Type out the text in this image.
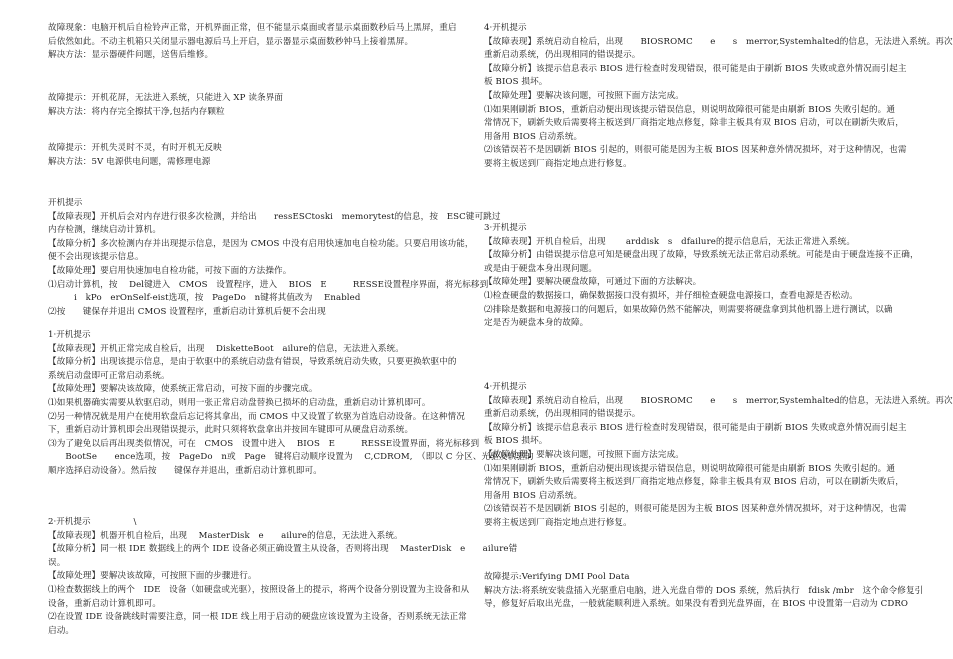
故障现象：电脑开机后自检铃声正常，开机界面正常，但不能显示桌面或者显示桌面数秒后马上黑屏，重启
后依然如此。不动主机箱只关闭显示器电源后马上开启，显示器显示桌面数秒钟马上接着黑屏。
解决方法：显示器硬件问题，送售后维修。
故障提示：开机花屏，无法进入系统，只能进入 XP 读条界面
解决方法：将内存完全擦拭干净,包括内存颗粒
故障提示：开机失灵时不灵，有时开机无反映
解决方法：5V 电源供电问题，需修理电源
开机提示
【故障表现】开机后会对内存进行很多次检测，并给出　　ressESCtoski　memorytest的信息，按　ESC键可跳过
内存检测，继续启动计算机。
【故障分析】多次检测内存并出现提示信息，是因为 CMOS 中没有启用快速加电自检功能。只要启用该功能，
便不会出现该提示信息。
【故障处理】要启用快速加电自检功能，可按下面的方法操作。
⑴启动计算机，按　 Del键进入　CMOS　设置程序，进入　 BIOS　E　　　RESSE设置程序界面，将光标移到
　　　i　kPo　erOnSelf-eist选项，按　PageDo　n键将其值改为　 Enabled
⑵按　　键保存并退出 CMOS 设置程序，重新启动计算机后便不会出现
1·开机提示
【故障表现】开机正常完成自检后，出现　 DisketteBoot　ailure的信息，无法进入系统。
【故障分析】出现该提示信息，是由于软驱中的系统启动盘有错误，导致系统启动失败，只要更换软驱中的
系统启动盘即可正常启动系统。
【故障处理】要解决该故障，使系统正常启动，可按下面的步骤完成。
⑴如果机器确实需要从软驱启动，则用一张正常启动盘替换已损坏的启动盘，重新启动计算机即可。
⑵另一种情况就是用户在使用软盘后忘记将其拿出，而 CMOS 中又设置了软驱为首选启动设备。在这种情况
下，重新启动计算机即会出现错误提示，此时只须将软盘拿出并按回车键即可从硬盘启动系统。
⑶为了避免以后再出现类似情况，可在　CMOS　设置中进入　 BIOS　E　　　RESSE设置界面，将光标移到
　　BootSe　　ence选项，按　PageDo　n或　Page　键将启动顺序设置为　 C,CDROM,　（即以 C 分区、光驱及软驱的
顺序选择启动设备）。然后按　　键保存并退出，重新启动计算机即可。
2·开机提示　　　　　\
【故障表现】机器开机自检后，出现　 MasterDisk　e　　ailure的信息，无法进入系统。
【故障分析】同一根 IDE 数据线上的两个 IDE 设备必须正确设置主从设备，否则将出现　 MasterDisk　e　　ailure错
误。
【故障处理】要解决该故障，可按照下面的步骤进行。
⑴检查数据线上的两个　IDE　设备（如硬盘或光驱），按照设备上的提示，将两个设备分别设置为主设备和从
设备，重新启动计算机即可。
⑵在设置 IDE 设备跳线时需要注意，同一根 IDE 线上用于启动的硬盘应该设置为主设备，否则系统无法正常
启动。
4·开机提示
【故障表现】系统启动自检后，出现　　BIOSROMC　　e　　s　merror,Systemhalted的信息，无法进入系统。再次
重新启动系统，仍出现相同的错误提示。
【故障分析】该提示信息表示 BIOS 进行检查时发现错误，很可能是由于刷新 BIOS 失败或意外情况而引起主
板 BIOS 损坏。
【故障处理】要解决该问题，可按照下面方法完成。
⑴如果刚刷新 BIOS，重新启动便出现该提示错误信息，则说明故障很可能是由刷新 BIOS 失败引起的。通
常情况下，刷新失败后需要将主板送到厂商指定地点修复，除非主板具有双 BIOS 启动，可以在刷新失败后，
用备用 BIOS 启动系统。
⑵该错误若不是因刷新 BIOS 引起的，则很可能是因为主板 BIOS 因某种意外情况损坏，对于这种情况，也需
要将主板送到厂商指定地点进行修复。
3·开机提示
【故障表现】开机自检后，出现　　 arddisk　s　dfailure的提示信息后，无法正常进入系统。
【故障分析】由错误提示信息可知是硬盘出现了故障，导致系统无法正常启动系统。可能是由于硬盘连接不正确，
或是由于硬盘本身出现问题。
【故障处理】要解决硬盘故障，可通过下面的方法解决。
⑴检查硬盘的数据接口，确保数据接口没有损坏，并仔细检查硬盘电源接口，查看电源是否松动。
⑵排除是数据和电源接口的问题后，如果故障仍然不能解决，则需要将硬盘拿到其他机器上进行测试，以确
定是否为硬盘本身的故障。
4·开机提示
【故障表现】系统启动自检后，出现　　BIOSROMC　　e　　s　merror,Systemhalted的信息，无法进入系统。再次
重新启动系统，仍出现相同的错误提示。
【故障分析】该提示信息表示 BIOS 进行检查时发现错误，很可能是由于刷新 BIOS 失败或意外情况而引起主
板 BIOS 损坏。
【故障处理】要解决该问题，可按照下面方法完成。
⑴如果刚刷新 BIOS，重新启动便出现该提示错误信息，则说明故障很可能是由刷新 BIOS 失败引起的。通
常情况下，刷新失败后需要将主板送到厂商指定地点修复，除非主板具有双 BIOS 启动，可以在刷新失败后，
用备用 BIOS 启动系统。
⑵该错误若不是因刷新 BIOS 引起的，则很可能是因为主板 BIOS 因某种意外情况损坏，对于这种情况，也需
要将主板送到厂商指定地点进行修复。
故障提示:Verifying DMI Pool Data
解决方法:将系统安装盘插入光驱重启电脑，进入光盘自带的 DOS 系统，然后执行　fdisk /mbr　这个命令修复引
导，修复好后取出光盘，一般就能顺利进入系统。如果没有看到光盘界面，在 BIOS 中设置第一启动为 CDRO
